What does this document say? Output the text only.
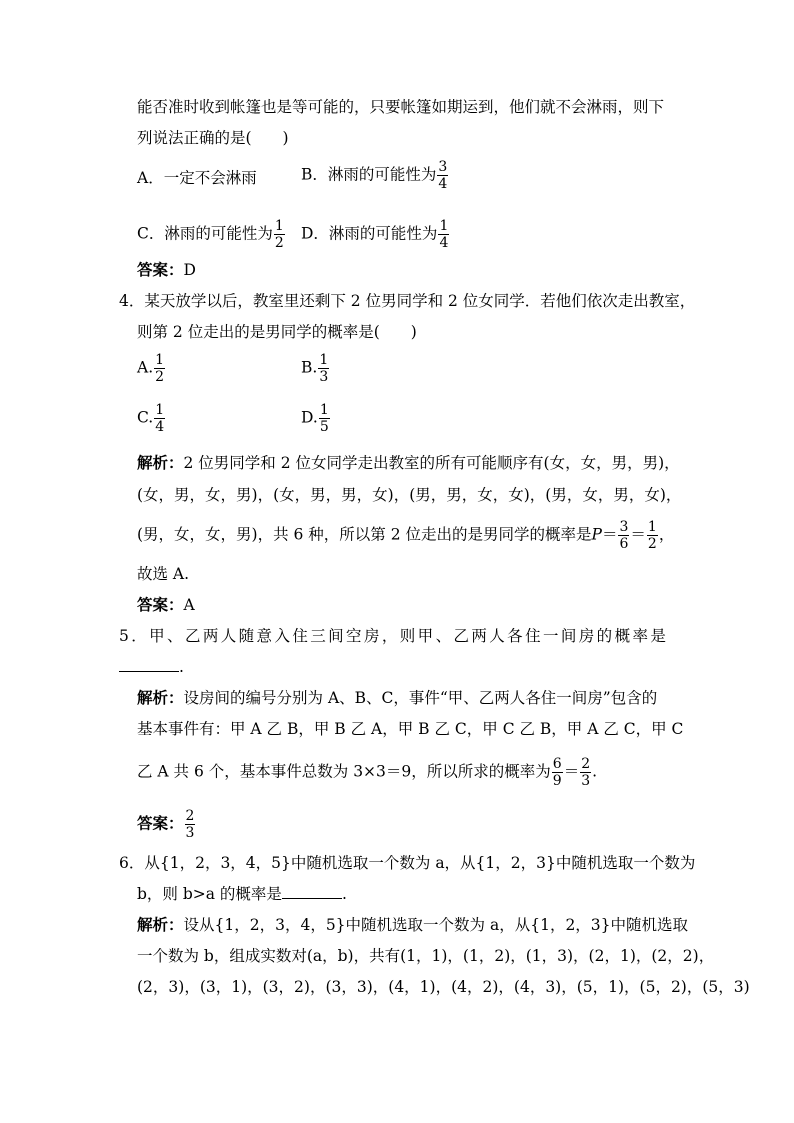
能否准时收到帐篷也是等可能的，只要帐篷如期运到，他们就不会淋雨，则下
列说法正确的是(　　)
A．一定不会淋雨	B．淋雨的可能性为 $\frac{3}{4}$
C．淋雨的可能性为 $\frac{1}{2}$ D．淋雨的可能性为 $\frac{1}{4}$
答案：D
4．某天放学以后，教室里还剩下 2 位男同学和 2 位女同学．若他们依次走出教室，
则第 2 位走出的是男同学的概率是(　　)
A. $\frac{1}{2}$	B. $\frac{1}{3}$
C. $\frac{1}{4}$	D. $\frac{1}{5}$
解析：2 位男同学和 2 位女同学走出教室的所有可能顺序有(女，女，男，男)，
(女，男，女，男)，(女，男，男，女)，(男，男，女，女)，(男，女，男，女)，
(男，女，女，男)，共 6 种，所以第 2 位走出的是男同学的概率是$P= \frac{3}{6} = \frac{1}{2}$ ，
故选 A.
答案：A
5．甲、乙两人随意入住三间空房，则甲、乙两人各住一间房的概率是
.
解析：设房间的编号分别为 A、B、C，事件“甲、乙两人各住一间房”包含的
基本事件有：甲 A 乙 B，甲 B 乙 A，甲 B 乙 C，甲 C 乙 B，甲 A 乙 C，甲 C
乙 A 共 6 个，基本事件总数为 3×3＝9，所以所求的概率为 $\frac{6}{9} = \frac{2}{3}$ .
答案： $\frac{2}{3}$
6．从{1，2，3，4，5}中随机选取一个数为 a，从{1，2，3}中随机选取一个数为
b，则 b>a 的概率是	.
解析：设从{1，2，3，4，5}中随机选取一个数为 a，从{1，2，3}中随机选取
一个数为 b，组成实数对(a，b)，共有(1，1)，(1，2)，(1，3)，(2，1)，(2，2)，
(2，3)，(3，1)，(3，2)，(3，3)，(4，1)，(4，2)，(4，3)，(5，1)，(5，2)，(5，3)
